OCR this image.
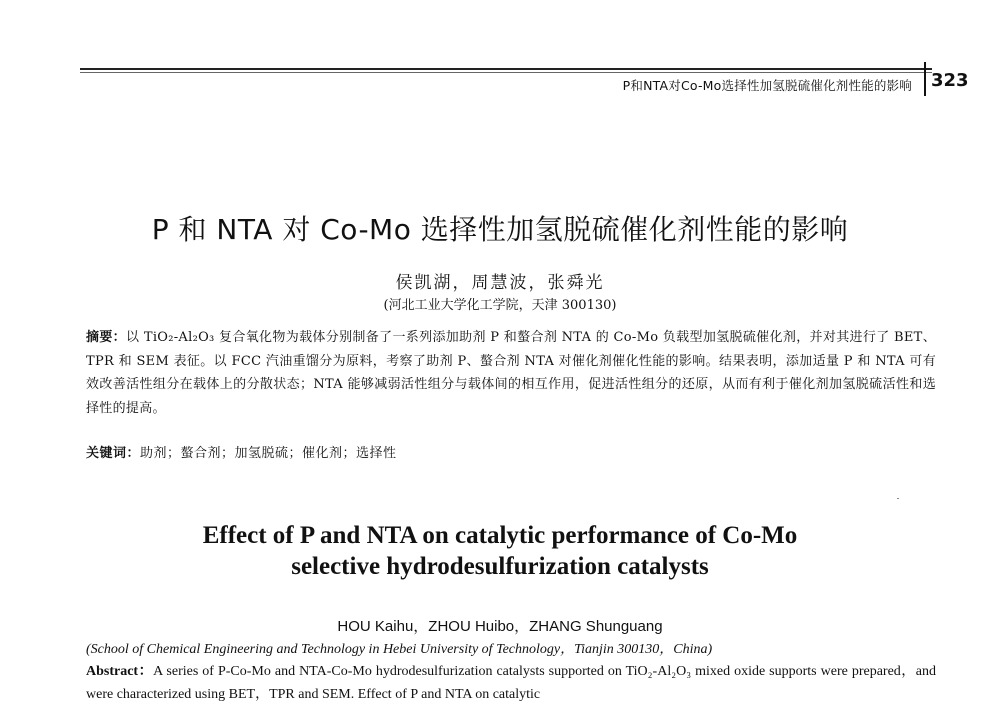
P和NTA对Co-Mo选择性加氢脱硫催化剂性能的影响 323
P 和 NTA 对 Co-Mo 选择性加氢脱硫催化剂性能的影响
侯凯湖，周慧波，张舜光
(河北工业大学化工学院，天津 300130)
摘要：以 TiO₂-Al₂O₃ 复合氧化物为载体分别制备了一系列添加助剂 P 和螯合剂 NTA 的 Co-Mo 负载型加氢脱硫催化剂，并对其进行了 BET、TPR 和 SEM 表征。以 FCC 汽油重馏分为原料，考察了助剂 P、螯合剂 NTA 对催化剂催化性能的影响。结果表明，添加适量 P 和 NTA 可有效改善活性组分在载体上的分散状态；NTA 能够减弱活性组分与载体间的相互作用，促进活性组分的还原，从而有利于催化剂加氢脱硫活性和选择性的提高。
关键词：助剂；螯合剂；加氢脱硫；催化剂；选择性
Effect of P and NTA on catalytic performance of Co-Mo
selective hydrodesulfurization catalysts
HOU Kaihu，ZHOU Huibo，ZHANG Shunguang
(School of Chemical Engineering and Technology in Hebei University of Technology，Tianjin 300130，China)
Abstract：A series of P-Co-Mo and NTA-Co-Mo hydrodesulfurization catalysts supported on TiO₂-Al₂O₃ mixed oxide supports were prepared，and were characterized using BET，TPR and SEM. Effect of P and NTA on catalytic
